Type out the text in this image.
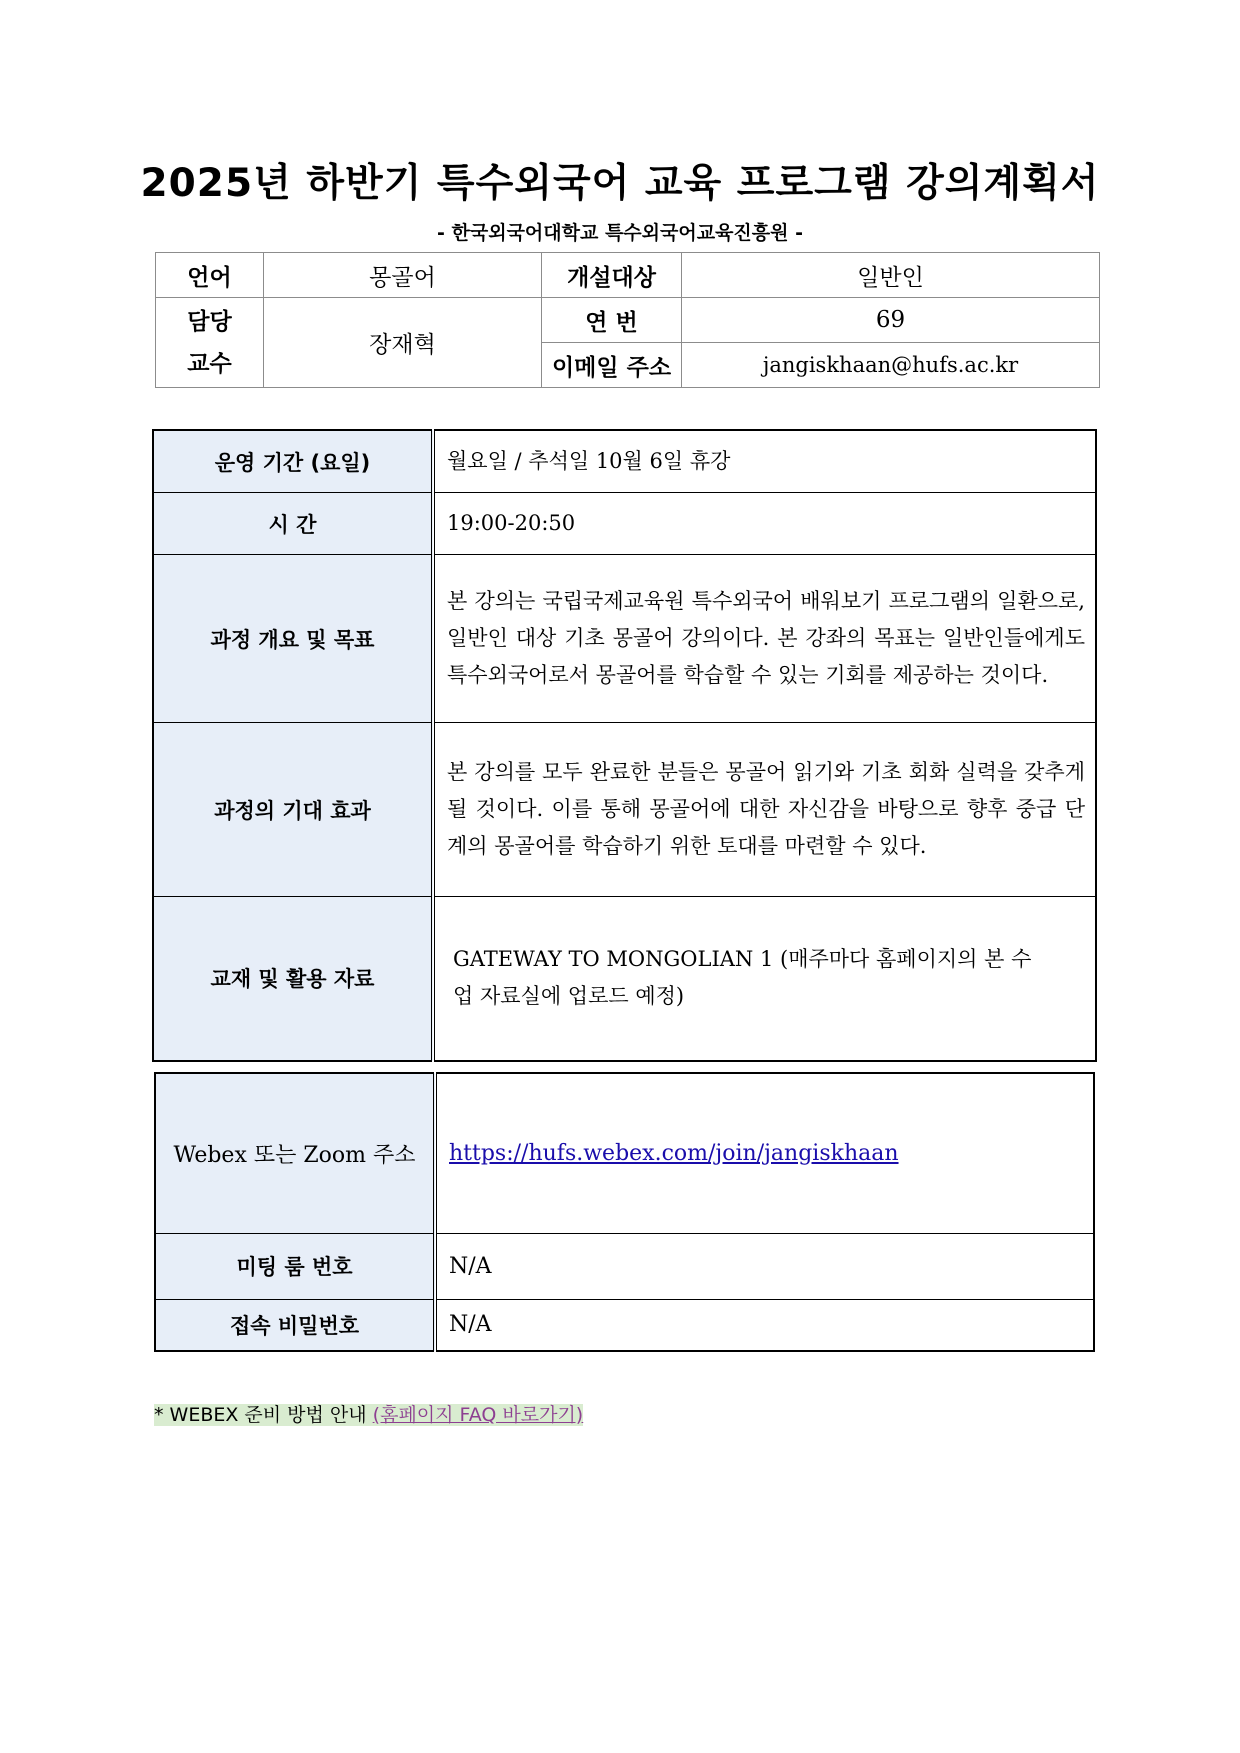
2025년 하반기 특수외국어 교육 프로그램 강의계획서
- 한국외국어대학교 특수외국어교육진흥원 -
언어	몽골어	개설대상	일반인

담당
교수	장재혁	연 번	69
		이메일 주소	jangiskhaan@hufs.ac.kr
운영 기간 (요일)	월요일 / 추석일 10월 6일 휴강
시 간	19:00-20:50
과정 개요 및 목표	본 강의는 국립국제교육원 특수외국어 배워보기 프로그램의 일환으로, 일반인 대상 기초 몽골어 강의이다. 본 강좌의 목표는 일반인들에게도 특수외국어로서 몽골어를 학습할 수 있는 기회를 제공하는 것이다.
과정의 기대 효과	본 강의를 모두 완료한 분들은 몽골어 읽기와 기초 회화 실력을 갖추게 될 것이다. 이를 통해 몽골어에 대한 자신감을 바탕으로 향후 중급 단계의 몽골어를 학습하기 위한 토대를 마련할 수 있다.
교재 및 활용 자료	GATEWAY TO MONGOLIAN 1 (매주마다 홈페이지의 본 수업 자료실에 업로드 예정)
Webex 또는 Zoom 주소	https://hufs.webex.com/join/jangiskhaan
미팅 룸 번호	N/A
접속 비밀번호	N/A
* WEBEX 준비 방법 안내 (홈페이지 FAQ 바로가기)
